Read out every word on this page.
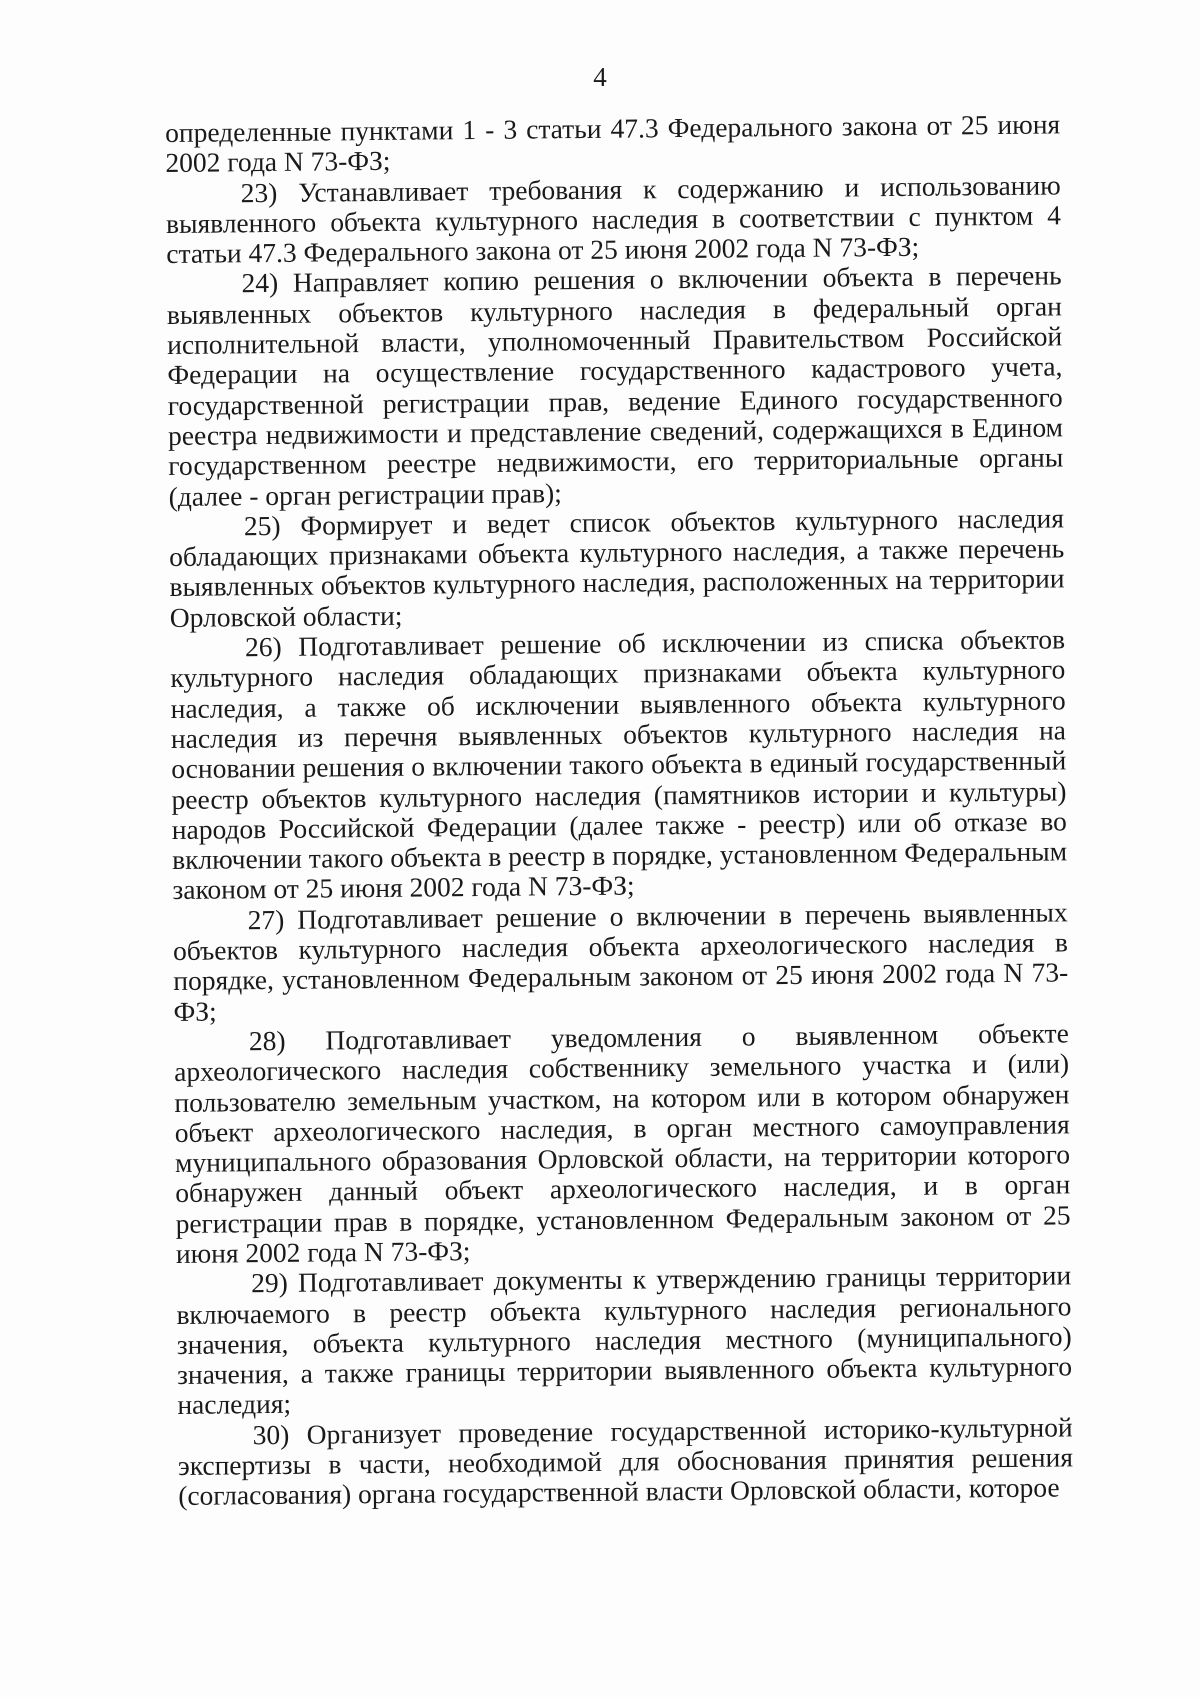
4

определенные пунктами 1 - 3 статьи 47.3 Федерального закона от 25 июня 2002 года N 73-ФЗ;

23) Устанавливает требования к содержанию и использованию выявленного объекта культурного наследия в соответствии с пунктом 4 статьи 47.3 Федерального закона от 25 июня 2002 года N 73-ФЗ;

24) Направляет копию решения о включении объекта в перечень выявленных объектов культурного наследия в федеральный орган исполнительной власти, уполномоченный Правительством Российской Федерации на осуществление государственного кадастрового учета, государственной регистрации прав, ведение Единого государственного реестра недвижимости и представление сведений, содержащихся в Едином государственном реестре недвижимости, его территориальные органы (далее - орган регистрации прав);

25) Формирует и ведет список объектов культурного наследия обладающих признаками объекта культурного наследия, а также перечень выявленных объектов культурного наследия, расположенных на территории Орловской области;

26) Подготавливает решение об исключении из списка объектов культурного наследия обладающих признаками объекта культурного наследия, а также об исключении выявленного объекта культурного наследия из перечня выявленных объектов культурного наследия на основании решения о включении такого объекта в единый государственный реестр объектов культурного наследия (памятников истории и культуры) народов Российской Федерации (далее также - реестр) или об отказе во включении такого объекта в реестр в порядке, установленном Федеральным законом от 25 июня 2002 года N 73-ФЗ;

27) Подготавливает решение о включении в перечень выявленных объектов культурного наследия объекта археологического наследия в порядке, установленном Федеральным законом от 25 июня 2002 года N 73-ФЗ;

28) Подготавливает уведомления о выявленном объекте археологического наследия собственнику земельного участка и (или) пользователю земельным участком, на котором или в котором обнаружен объект археологического наследия, в орган местного самоуправления муниципального образования Орловской области, на территории которого обнаружен данный объект археологического наследия, и в орган регистрации прав в порядке, установленном Федеральным законом от 25 июня 2002 года N 73-ФЗ;

29) Подготавливает документы к утверждению границы территории включаемого в реестр объекта культурного наследия регионального значения, объекта культурного наследия местного (муниципального) значения, а также границы территории выявленного объекта культурного наследия;

30) Организует проведение государственной историко-культурной экспертизы в части, необходимой для обоснования принятия решения (согласования) органа государственной власти Орловской области, которое
